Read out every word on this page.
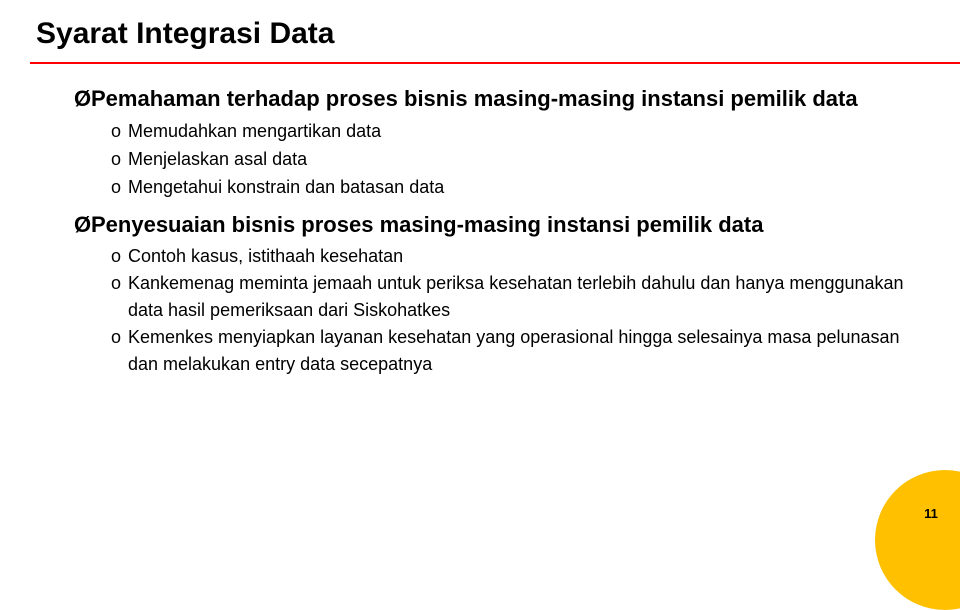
Syarat Integrasi Data
Ø Pemahaman terhadap proses bisnis masing-masing instansi pemilik data
o Memudahkan mengartikan data
o Menjelaskan asal data
o Mengetahui konstrain dan batasan data
Ø Penyesuaian bisnis proses masing-masing instansi pemilik data
o Contoh kasus, istithaah kesehatan
o Kankemenag meminta jemaah untuk periksa kesehatan terlebih dahulu dan hanya menggunakan data hasil pemeriksaan dari Siskohatkes
o Kemenkes menyiapkan layanan kesehatan yang operasional hingga selesainya masa pelunasan dan melakukan entry data secepatnya
11
